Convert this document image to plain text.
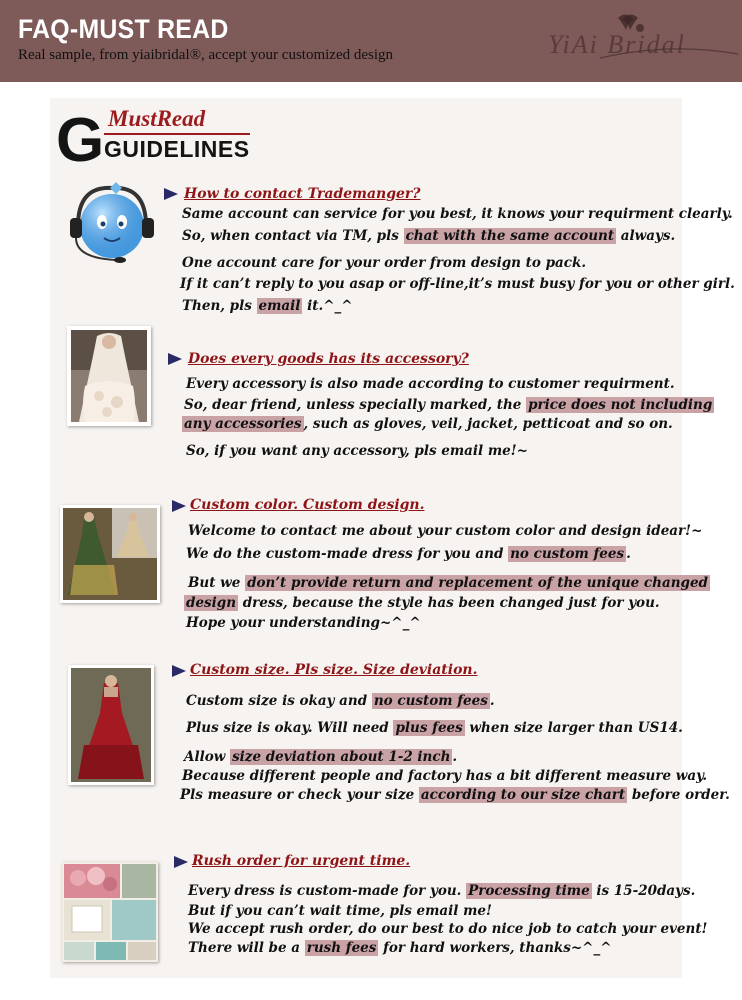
FAQ-MUST READ
Real sample, from yiaibridal®, accept your customized design	YiAi Bridal
G MustRead
GUIDELINES
How to contact Trademanger?
Same account can service for you best, it knows your requirment clearly.
So, when contact via TM, pls chat with the same account always.
One account care for your order from design to pack.
If it can’t reply to you asap or off-line,it’s must busy for you or other girl.
Then, pls email it.^_^
Does every goods has its accessory?
Every accessory is also made according to customer requirment.
So, dear friend, unless specially marked, the price does not including
any accessories , such as gloves, veil, jacket, petticoat and so on.
So, if you want any accessory, pls email me!~
Custom color. Custom design.
Welcome to contact me about your custom color and design idear!~
We do the custom-made dress for you and no custom fees .
But we don’t provide return and replacement of the unique changed
design dress, because the style has been changed just for you.
Hope your understanding~^_^
Custom size. Pls size. Size deviation.
Custom size is okay and no custom fees .
Plus size is okay. Will need plus fees when size larger than US14.
Allow size deviation about 1-2 inch .
Because different people and factory has a bit different measure way.
Pls measure or check your size according to our size chart before order.
Rush order for urgent time.
Every dress is custom-made for you. Processing time is 15-20days.
But if you can’t wait time, pls email me!
We accept rush order, do our best to do nice job to catch your event!
There will be a rush fees for hard workers, thanks~^_^
